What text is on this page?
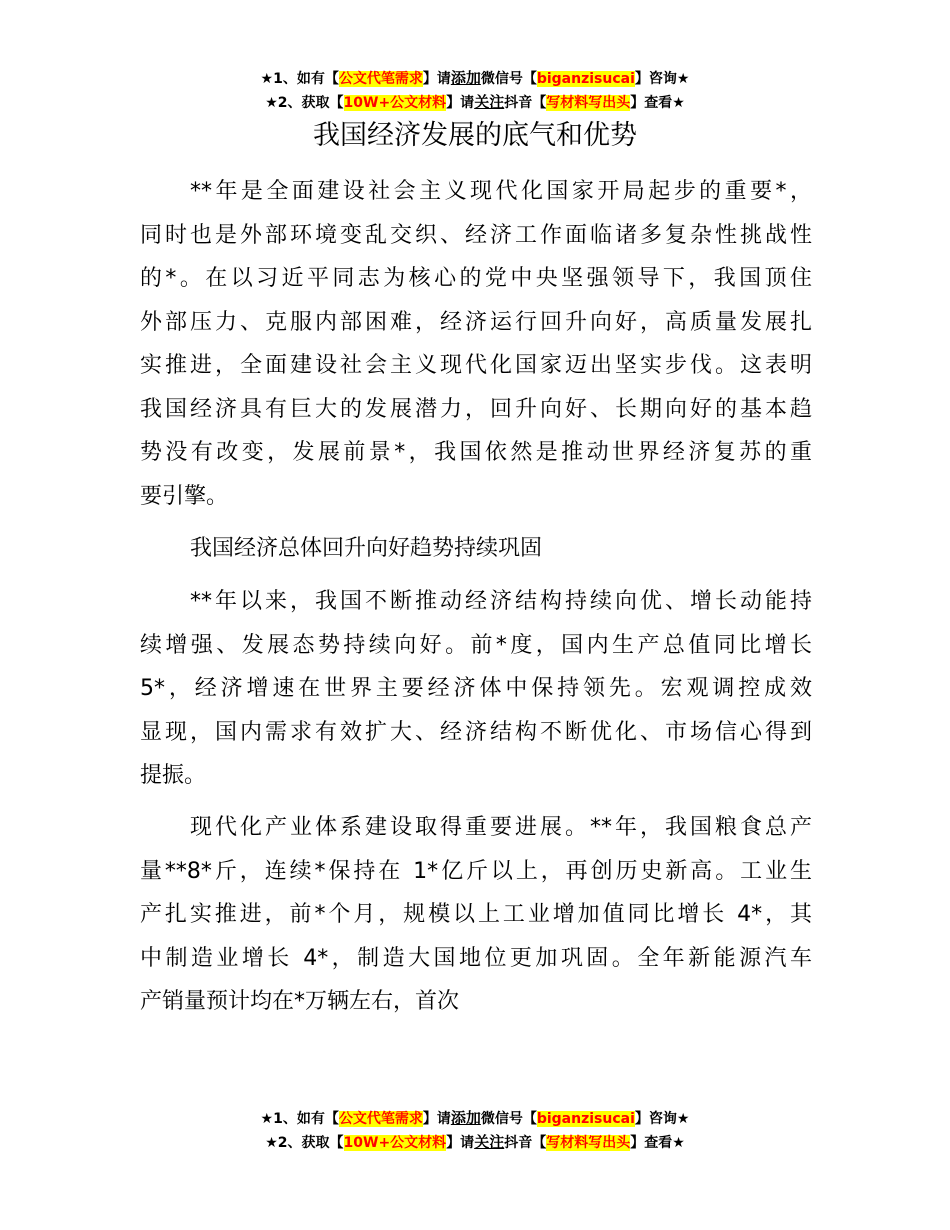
★1、如有【公文代笔需求】请添加微信号【biganzisucai】咨询★
★2、获取【10W+公文材料】请关注抖音【写材料写出头】查看★
我国经济发展的底气和优势
**年是全面建设社会主义现代化国家开局起步的重要*，
同时也是外部环境变乱交织、经济工作面临诸多复杂性挑战性
的*。在以习近平同志为核心的党中央坚强领导下，我国顶住
外部压力、克服内部困难，经济运行回升向好，高质量发展扎
实推进，全面建设社会主义现代化国家迈出坚实步伐。这表明
我国经济具有巨大的发展潜力，回升向好、长期向好的基本趋
势没有改变，发展前景*，我国依然是推动世界经济复苏的重
要引擎。
我国经济总体回升向好趋势持续巩固
**年以来，我国不断推动经济结构持续向优、增长动能持
续增强、发展态势持续向好。前*度，国内生产总值同比增长
5*，经济增速在世界主要经济体中保持领先。宏观调控成效
显现，国内需求有效扩大、经济结构不断优化、市场信心得到
提振。
现代化产业体系建设取得重要进展。**年，我国粮食总产
量**8*斤，连续*保持在 1*亿斤以上，再创历史新高。工业生
产扎实推进，前*个月，规模以上工业增加值同比增长 4*，其
中制造业增长 4*，制造大国地位更加巩固。全年新能源汽车
产销量预计均在*万辆左右，首次
★1、如有【公文代笔需求】请添加微信号【biganzisucai】咨询★
★2、获取【10W+公文材料】请关注抖音【写材料写出头】查看★
